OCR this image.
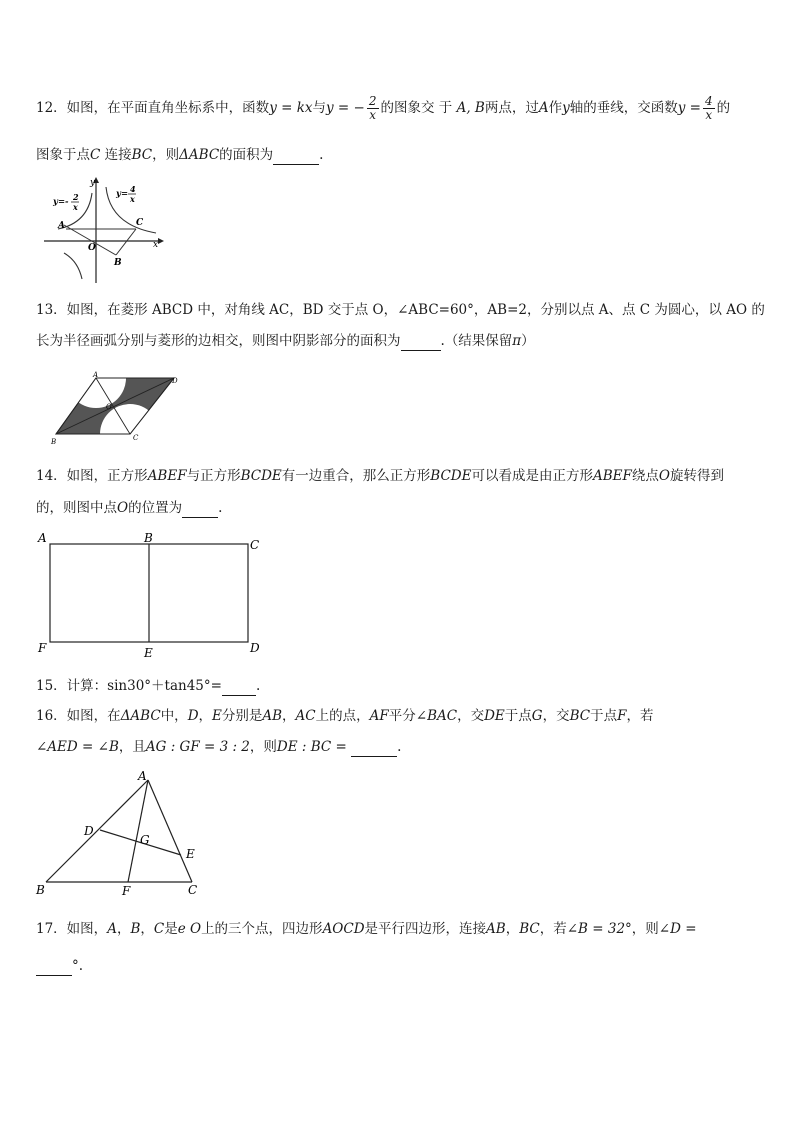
12．如图，在平面直角坐标系中，函数y = kx与y = − $\frac{2}{x}$ 的图象交 于 A, B两点，过A作y轴的垂线，交函数$y = \frac{4}{x}$ 的
图象于点C 连接BC，则ΔABC的面积为	.
y=- 2
x
y= 4
x
A	C
O
B
x
y
13．如图，在菱形 ABCD 中，对角线 AC，BD 交于点 O，∠ABC=60°，AB=2，分别以点 A、点 C 为圆心，以 AO 的
长为半径画弧分别与菱形的边相交，则图中阴影部分的面积为	.（结果保留π）
A
D
B	C
O
14．如图，正方形ABEF与正方形BCDE有一边重合，那么正方形BCDE可以看成是由正方形ABEF绕点O旋转得到
的，则图中点O的位置为	.
A	B	C
F	E	D
15．计算：sin30°＋tan45°=	.
16．如图，在ΔABC中，D，E分别是AB，AC上的点，AF平分∠BAC，交DE于点G，交BC于点F，若
∠AED = ∠B，且AG : GF = 3 : 2，则DE : BC =	.
A
D
G
E
B	F	C
17．如图，A，B，C是e O上的三个点，四边形AOCD是平行四边形，连接AB，BC，若∠B = 32°，则∠D =
°.
